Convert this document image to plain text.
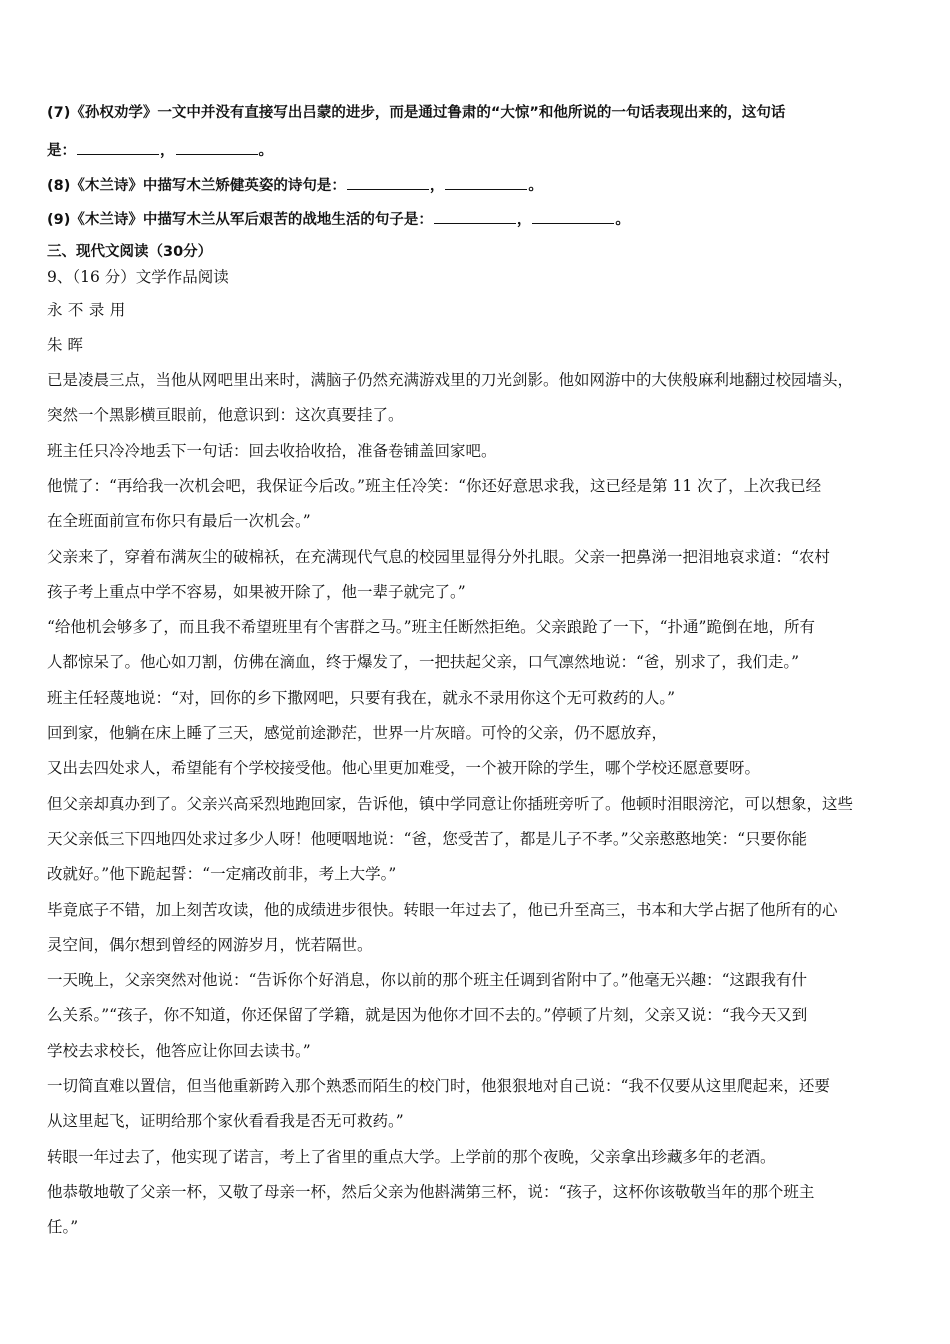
(7)《孙权劝学》一文中并没有直接写出吕蒙的进步，而是通过鲁肃的“大惊”和他所说的一句话表现出来的，这句话
是：	，	。
(8)《木兰诗》中描写木兰矫健英姿的诗句是：	，	。
(9)《木兰诗》中描写木兰从军后艰苦的战地生活的句子是：	，	。
三、现代文阅读（30分）
9、（16 分）文学作品阅读
永不录用
朱 晖
已是凌晨三点，当他从网吧里出来时，满脑子仍然充满游戏里的刀光剑影。他如网游中的大侠般麻利地翻过校园墙头，
突然一个黑影横亘眼前，他意识到：这次真要挂了。
班主任只冷冷地丢下一句话：回去收拾收拾，准备卷铺盖回家吧。
他慌了：“再给我一次机会吧，我保证今后改。”班主任冷笑：“你还好意思求我，这已经是第 11 次了，上次我已经
在全班面前宣布你只有最后一次机会。”
父亲来了，穿着布满灰尘的破棉袄，在充满现代气息的校园里显得分外扎眼。父亲一把鼻涕一把泪地哀求道：“农村
孩子考上重点中学不容易，如果被开除了，他一辈子就完了。”
“给他机会够多了，而且我不希望班里有个害群之马。”班主任断然拒绝。父亲踉跄了一下，“扑通”跪倒在地，所有
人都惊呆了。他心如刀割，仿佛在滴血，终于爆发了，一把扶起父亲，口气凛然地说：“爸，别求了，我们走。”
班主任轻蔑地说：“对，回你的乡下撒网吧，只要有我在，就永不录用你这个无可救药的人。”
回到家，他躺在床上睡了三天，感觉前途渺茫，世界一片灰暗。可怜的父亲，仍不愿放弃，
又出去四处求人，希望能有个学校接受他。他心里更加难受，一个被开除的学生，哪个学校还愿意要呀。
但父亲却真办到了。父亲兴高采烈地跑回家，告诉他，镇中学同意让你插班旁听了。他顿时泪眼滂沱，可以想象，这些
天父亲低三下四地四处求过多少人呀！他哽咽地说：“爸，您受苦了，都是儿子不孝。”父亲憨憨地笑：“只要你能
改就好。”他下跪起誓：“一定痛改前非，考上大学。”
毕竟底子不错，加上刻苦攻读，他的成绩进步很快。转眼一年过去了，他已升至高三，书本和大学占据了他所有的心
灵空间，偶尔想到曾经的网游岁月，恍若隔世。
一天晚上，父亲突然对他说：“告诉你个好消息，你以前的那个班主任调到省附中了。”他毫无兴趣：“这跟我有什
么关系。”“孩子，你不知道，你还保留了学籍，就是因为他你才回不去的。”停顿了片刻，父亲又说：“我今天又到
学校去求校长，他答应让你回去读书。”
一切简直难以置信，但当他重新跨入那个熟悉而陌生的校门时，他狠狠地对自己说：“我不仅要从这里爬起来，还要
从这里起飞，证明给那个家伙看看我是否无可救药。”
转眼一年过去了，他实现了诺言，考上了省里的重点大学。上学前的那个夜晚，父亲拿出珍藏多年的老酒。
他恭敬地敬了父亲一杯，又敬了母亲一杯，然后父亲为他斟满第三杯，说：“孩子，这杯你该敬敬当年的那个班主
任。”
